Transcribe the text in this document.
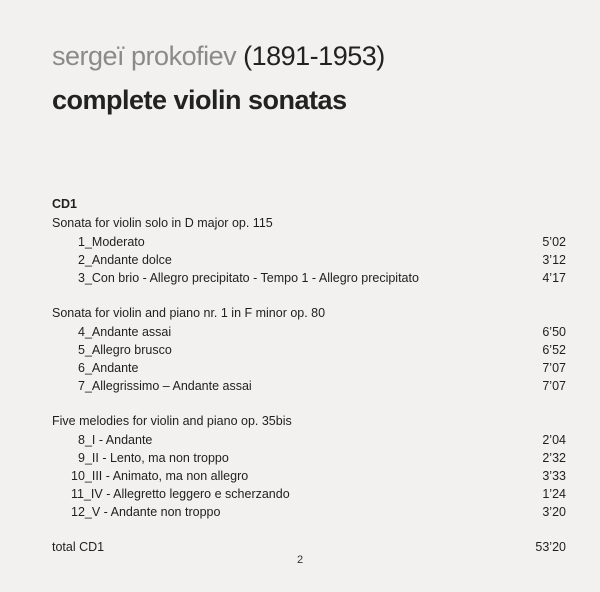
sergeï prokofiev (1891-1953)
complete violin sonatas
CD1
Sonata for violin solo in D major op. 115
1_Moderato	5’02
2_Andante dolce	3’12
3_Con brio - Allegro precipitato - Tempo 1 - Allegro precipitato	4’17
Sonata for violin and piano nr. 1 in F minor op. 80
4_Andante assai	6’50
5_Allegro brusco	6’52
6_Andante	7’07
7_Allegrissimo – Andante assai	7’07
Five melodies for violin and piano op. 35bis
8_I - Andante	2’04
9_II - Lento, ma non troppo	2’32
10_III - Animato, ma non allegro	3’33
11_IV - Allegretto leggero e scherzando	1’24
12_V - Andante non troppo	3’20
total CD1	53’20
2
